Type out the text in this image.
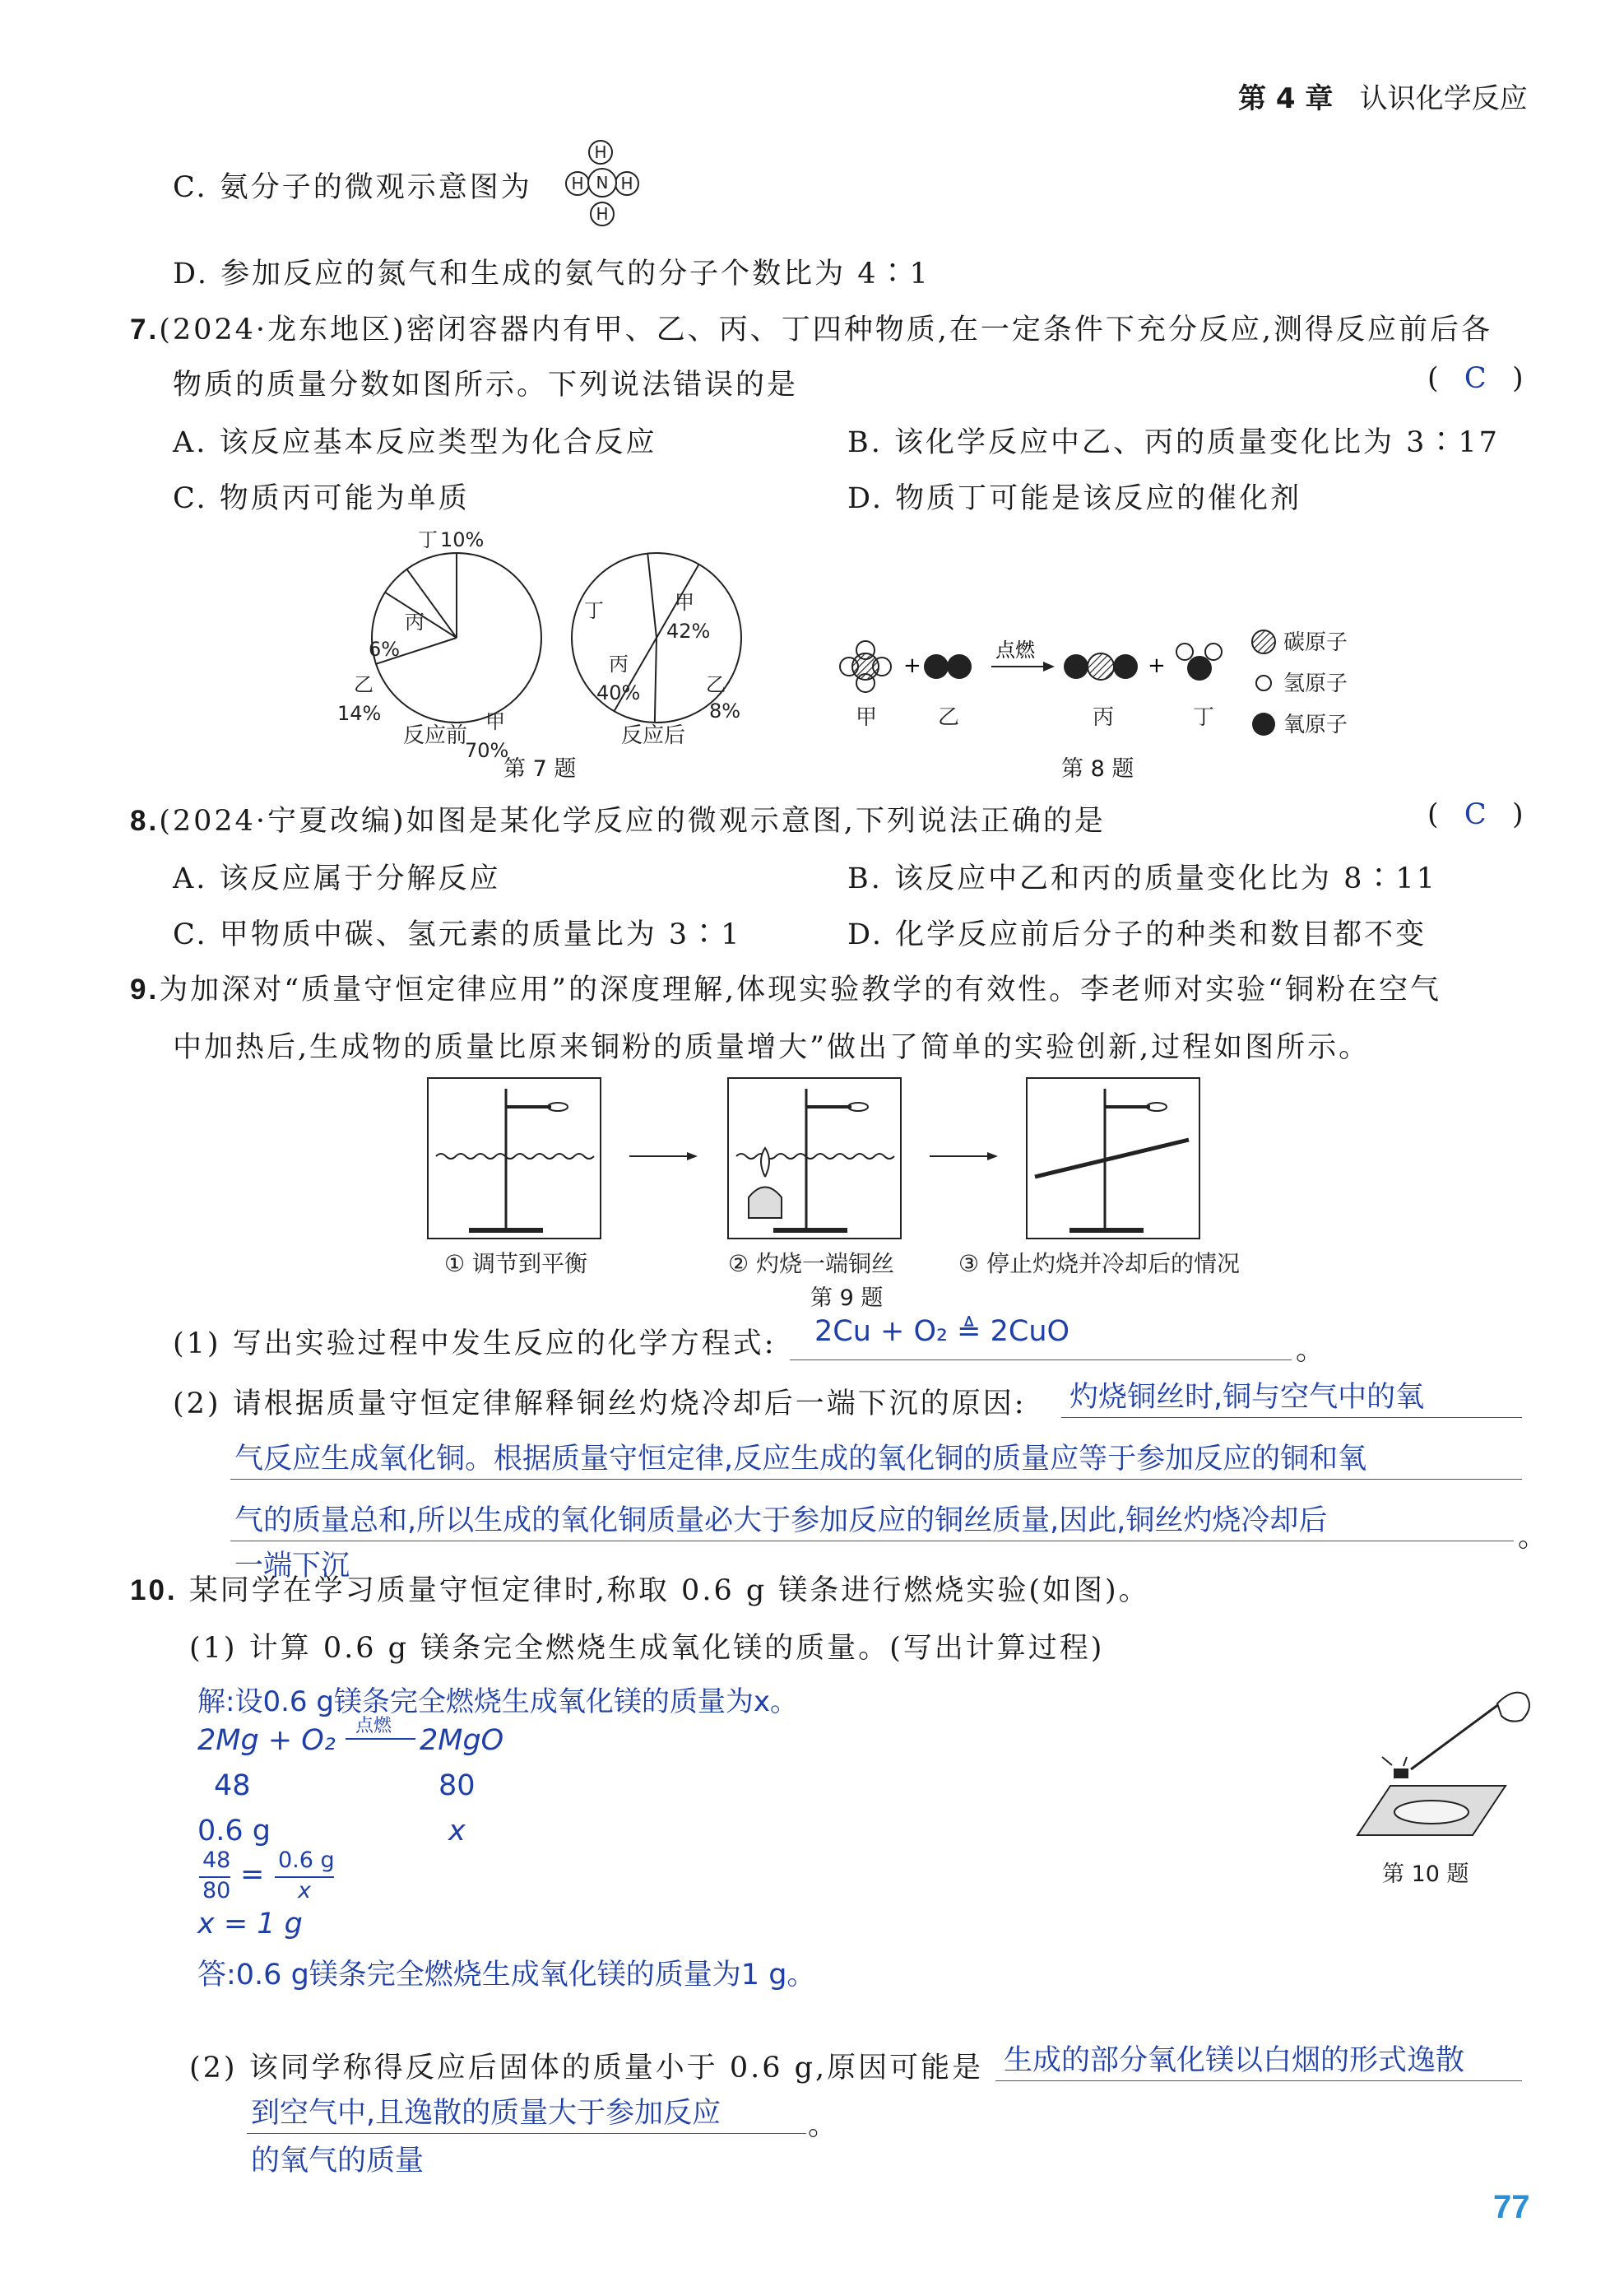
第 4 章 认识化学反应
C. 氨分子的微观示意图为
H
H H
H
N
D. 参加反应的氮气和生成的氨气的分子个数比为 4∶1
7.(2024·龙东地区)密闭容器内有甲、乙、丙、丁四种物质,在一定条件下充分反应,测得反应前后各
物质的质量分数如图所示。下列说法错误的是	( C )
A. 该反应基本反应类型为化合反应	B. 该化学反应中乙、丙的质量变化比为 3∶17
C. 物质丙可能为单质	D. 物质丁可能是该反应的催化剂
丙
6%
丁 10%
乙
14%	甲
70%
丁	甲
42%
丙
40%	乙
8%
反应前	反应后
第 7 题
+
点燃
+
甲	乙	丙	丁
碳原子
氢原子
氧原子
第 8 题
8.(2024·宁夏改编)如图是某化学反应的微观示意图,下列说法正确的是	( C )
A. 该反应属于分解反应	B. 该反应中乙和丙的质量变化比为 8∶11
C. 甲物质中碳、氢元素的质量比为 3∶1	D. 化学反应前后分子的种类和数目都不变
9.为加深对“质量守恒定律应用”的深度理解,体现实验教学的有效性。李老师对实验“铜粉在空气
中加热后,生成物的质量比原来铜粉的质量增大”做出了简单的实验创新,过程如图所示。
① 调节到平衡	② 灼烧一端铜丝	③ 停止灼烧并冷却后的情况
第 9 题
(1) 写出实验过程中发生反应的化学方程式: 2Cu + O₂ ≜ 2CuO
。
(2) 请根据质量守恒定律解释铜丝灼烧冷却后一端下沉的原因: 灼烧铜丝时,铜与空气中的氧
气反应生成氧化铜。根据质量守恒定律,反应生成的氧化铜的质量应等于参加反应的铜和氧
气的质量总和,所以生成的氧化铜质量必大于参加反应的铜丝质量,因此,铜丝灼烧冷却后	。
一端下沉
10. 某同学在学习质量守恒定律时,称取 0.6 g 镁条进行燃烧实验(如图)。
(1) 计算 0.6 g 镁条完全燃烧生成氧化镁的质量。(写出计算过程)
解:设0.6 g镁条完全燃烧生成氧化镁的质量为x。
2Mg + O₂ 点燃 2MgO
48	80
0.6 g	x
48
80 = 0.6 g
x
x = 1 g
答:0.6 g镁条完全燃烧生成氧化镁的质量为1 g。
第 10 题
(2) 该同学称得反应后固体的质量小于 0.6 g,原因可能是 生成的部分氧化镁以白烟的形式逸散
到空气中,且逸散的质量大于参加反应	。
的氧气的质量
77
